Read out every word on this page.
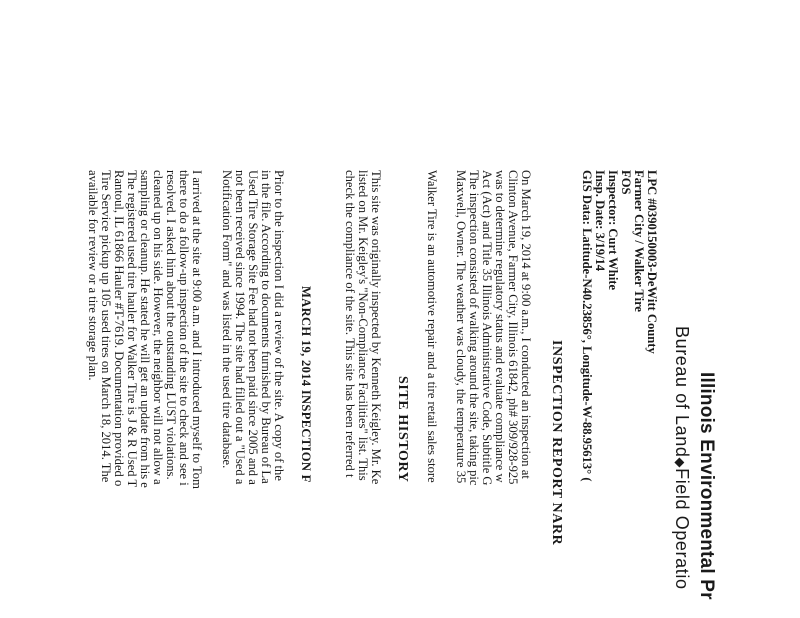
Illinois Environmental Pr
Bureau of Land◆Field Operatio
LPC #0390150003-DeWitt County
Farmer City / Walker Tire
FOS
Inspector: Curt White
Insp. Date: 3/19/14
GIS Data: Latitude-N40.23856°, Longitude-W-88.95613° (
INSPECTION REPORT NARR
On March 19, 2014 at 9:00 a.m., I conducted an inspection at
Clinton Avenue, Farmer City, Illinois 61842, ph# 309/928-925
was to determine regulatory status and evaluate compliance w
Act (Act) and Title 35 Illinois Administrative Code, Subtitle G
The inspection consisted of walking around the site, taking pic
Maxwell, Owner. The weather was cloudy, the temperature 35
Walker Tire is an automotive repair and a tire retail sales store
SITE HISTORY
This site was originally inspected by Kenneth Keigley. Mr. Ke
listed on Mr. Keigley's "Non-Compliance Facilities" list. This
check the compliance of the site. This site has been referred t
MARCH 19, 2014 INSPECTION F
Prior to the inspection I did a review of the site. A copy of the
in the file. According to documents furnished by Bureau of La
Used Tire Storage Site Fee had not been paid since 2005 and a
not been received since 1994. The site had filled out a "Used a
Notification Form" and was listed in the used tire database.
I arrived at the site at 9:00 a.m. and I introduced myself to Tom
there to do a follow-up inspection of the site to check and see i
resolved. I asked him about the outstanding LUST violations.
cleaned up on his side. However, the neighbor will not allow a
sampling or cleanup. He stated he will get an update from his e
The registered used tire hauler for Walker Tire is J & R Used T
Rantoul, IL 61866 Hauler #T-7619. Documentation provided o
Tire Service pickup up 105 used tires on March 18, 2014. The
available for review or a tire storage plan.
